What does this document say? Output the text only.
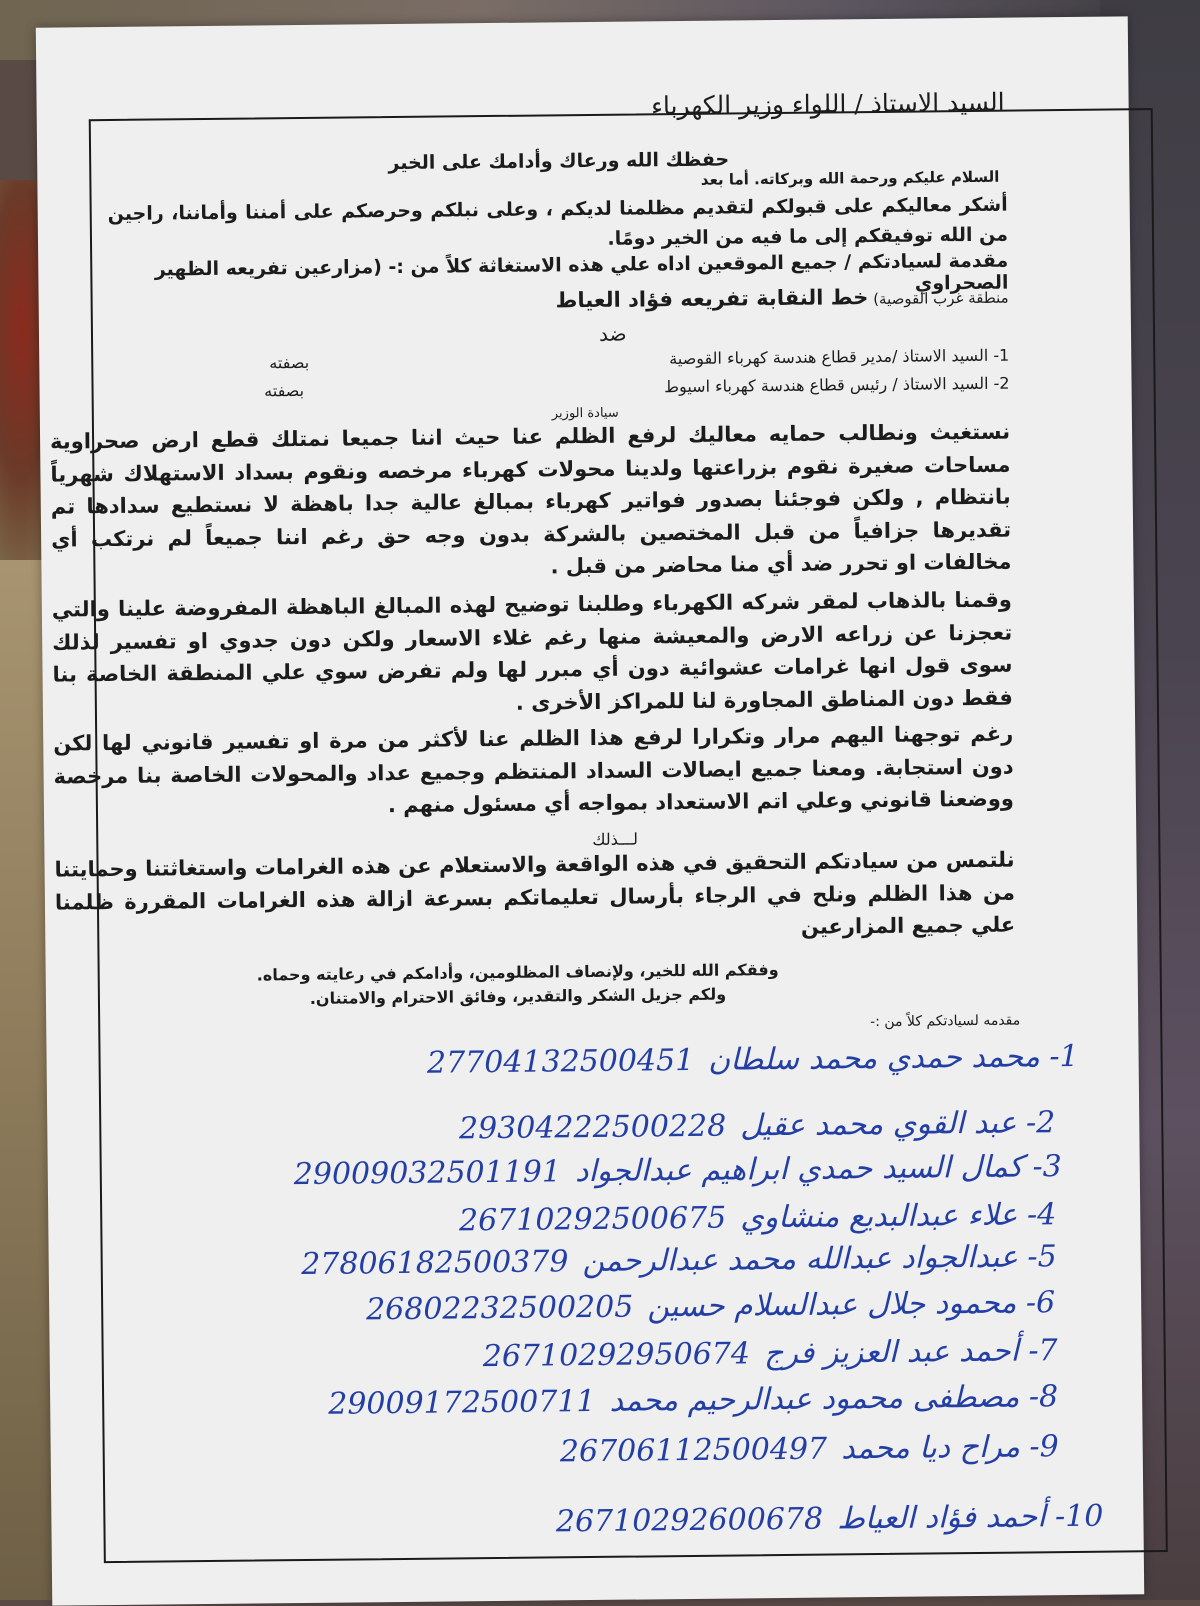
السيد الاستاذ / اللواء وزير الكهرباء
حفظك الله ورعاك وأدامك على الخير
السلام عليكم ورحمة الله وبركاته. أما بعد
أشكر معاليكم على قبولكم لتقديم مظلمنا لديكم ، وعلى نبلكم وحرصكم على أمننا وأماننا، راجين من الله توفيقكم إلى ما فيه من الخير دومًا.
مقدمة لسيادتكم / جميع الموقعين اداه علي هذه الاستغاثة كلاً من :- (مزارعين تفريعه الظهير الصحراوي
منطقة غرب القوصية) خط النقابة تفريعه فؤاد العياط
ضد
1- السيد الاستاذ /مدير قطاع هندسة كهرباء القوصية
بصفته
2- السيد الاستاذ / رئيس قطاع هندسة كهرباء اسيوط
بصفته
سيادة الوزير
نستغيث ونطالب حمايه معاليك لرفع الظلم عنا حيث اننا جميعا نمتلك قطع ارض صحراوية مساحات صغيرة نقوم بزراعتها ولدينا محولات كهرباء مرخصه ونقوم بسداد الاستهلاك شهرياً بانتظام , ولكن فوجئنا بصدور فواتير كهرباء بمبالغ عالية جدا باهظة لا نستطيع سدادها تم تقديرها جزافياً من قبل المختصين بالشركة بدون وجه حق رغم اننا جميعاً لم نرتكب أي مخالفات او تحرر ضد أي منا محاضر من قبل .
وقمنا بالذهاب لمقر شركه الكهرباء وطلبنا توضيح لهذه المبالغ الباهظة المفروضة علينا والتي تعجزنا عن زراعه الارض والمعيشة منها رغم غلاء الاسعار ولكن دون جدوي او تفسير لذلك سوى قول انها غرامات عشوائية دون أي مبرر لها ولم تفرض سوي علي المنطقة الخاصة بنا فقط دون المناطق المجاورة لنا للمراكز الأخرى .
رغم توجهنا اليهم مرار وتكرارا لرفع هذا الظلم عنا لأكثر من مرة او تفسير قانوني لها لكن دون استجابة. ومعنا جميع ايصالات السداد المنتظم وجميع عداد والمحولات الخاصة بنا مرخصة ووضعنا قانوني وعلي اتم الاستعداد بمواجه أي مسئول منهم .
لـــذلك
نلتمس من سيادتكم التحقيق في هذه الواقعة والاستعلام عن هذه الغرامات واستغاثتنا وحمايتنا من هذا الظلم ونلح في الرجاء بأرسال تعليماتكم بسرعة ازالة هذه الغرامات المقررة ظلمنا علي جميع المزارعين
وفقكم الله للخير، ولإنصاف المظلومين، وأدامكم في رعايته وحماه.
ولكم جزيل الشكر والتقدير، وفائق الاحترام والامتنان.
مقدمه لسيادتكم كلاً من :-
1- محمد حمدي محمد سلطان27704132500451
2- عبد القوي محمد عقيل29304222500228
3- كمال السيد حمدي ابراهيم عبدالجواد29009032501191
4- علاء عبدالبديع منشاوي26710292500675
5- عبدالجواد عبدالله محمد عبدالرحمن27806182500379
6- محمود جلال عبدالسلام حسين26802232500205
7- أحمد عبد العزيز فرج26710292950674
8- مصطفى محمود عبدالرحيم محمد29009172500711
9- مراح ديا محمد26706112500497
10- أحمد فؤاد العياط26710292600678
